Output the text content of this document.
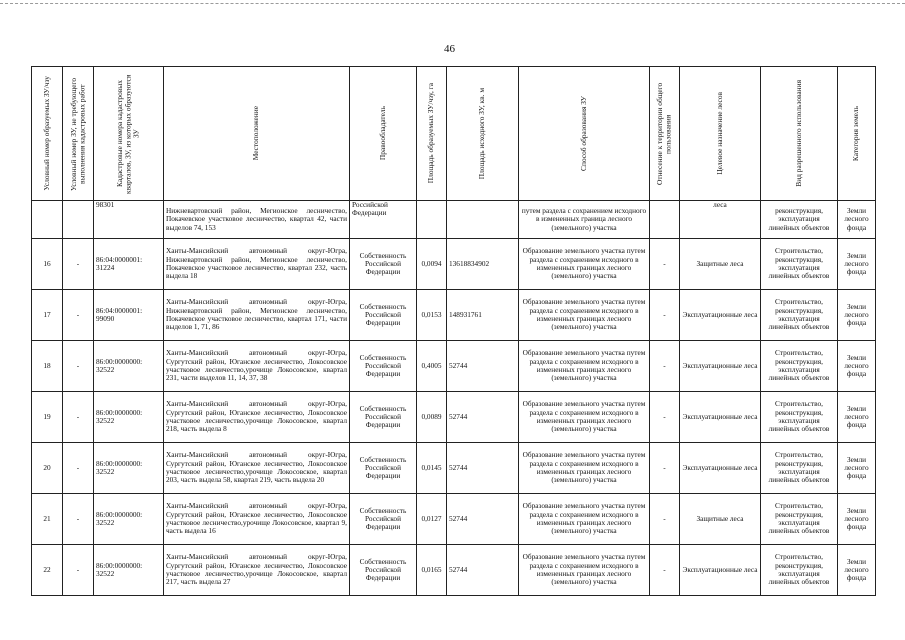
46
Условный номер образуемых ЗУ/чзу	Условный номер ЗУ, не требующего выполнения кадастровых работ	Кадастровые номера кадастровых кварталов, ЗУ, из которых образуются ЗУ	Местоположение	Правообладатель	Площадь образуемых ЗУ/чзу, га	Площадь исходного ЗУ, кв. м	Способ образования ЗУ	Отнесение к территории общего пользования	Целевое назначение лесов	Вид разрешенного использования	Категория земель

		98301	Нижневартовский район, Мегионское лесничество, Покачевское участковое лесничество, квартал 42, части выделов 74, 153	Российской Федерации			путем раздела с сохранением исходного в измененных граница лесного (земельного) участка		леса	реконструкция, эксплуатация линейных объектов	Земли лесного фонда
16	-	86:04:0000001: 31224	Ханты-Мансийский автономный округ-Югра, Нижневартовский район, Мегионское лесничество, Покачевское участковое лесничество, квартал 232, часть выдела 18	Собственность Российской Федерации	0,0094	13618834902	Образование земельного участка путем раздела с сохранением исходного в измененных границах лесного (земельного) участка	-	Защитные леса	Строительство, реконструкция, эксплуатация линейных объектов	Земли лесного фонда
17	-	86:04:0000001: 99090	Ханты-Мансийский автономный округ-Югра, Нижневартовский район, Мегионское лесничество, Покачевское участковое лесничество, квартал 171, части выделов 1, 71, 86	Собственность Российской Федерации	0,0153	148931761	Образование земельного участка путем раздела с сохранением исходного в измененных границах лесного (земельного) участка	-	Эксплуатационные леса	Строительство, реконструкция, эксплуатация линейных объектов	Земли лесного фонда
18	-	86:00:0000000: 32522	Ханты-Мансийский автономный округ-Югра, Сургутский район, Юганское лесничество, Локосовское участковое лесничество,урочище Локосовское, квартал 231, части выделов 11, 14, 37, 38	Собственность Российской Федерации	0,4005	52744	Образование земельного участка путем раздела с сохранением исходного в измененных границах лесного (земельного) участка	-	Эксплуатационные леса	Строительство, реконструкция, эксплуатация линейных объектов	Земли лесного фонда
19	-	86:00:0000000: 32522	Ханты-Мансийский автономный округ-Югра, Сургутский район, Юганское лесничество, Локосовское участковое лесничество,урочище Локосовское, квартал 218, часть выдела 8	Собственность Российской Федерации	0,0089	52744	Образование земельного участка путем раздела с сохранением исходного в измененных границах лесного (земельного) участка	-	Эксплуатационные леса	Строительство, реконструкция, эксплуатация линейных объектов	Земли лесного фонда
20	-	86:00:0000000: 32522	Ханты-Мансийский автономный округ-Югра, Сургутский район, Юганское лесничество, Локосовское участковое лесничество,урочище Локосовское, квартал 203, часть выдела 58, квартал 219, часть выдела 20	Собственность Российской Федерации	0,0145	52744	Образование земельного участка путем раздела с сохранением исходного в измененных границах лесного (земельного) участка	-	Эксплуатационные леса	Строительство, реконструкция, эксплуатация линейных объектов	Земли лесного фонда
21	-	86:00:0000000: 32522	Ханты-Мансийский автономный округ-Югра, Сургутский район, Юганское лесничество, Локосовское участковое лесничество,урочище Локосовское, квартал 9, часть выдела 16	Собственность Российской Федерации	0,0127	52744	Образование земельного участка путем раздела с сохранением исходного в измененных границах лесного (земельного) участка	-	Защитные леса	Строительство, реконструкция, эксплуатация линейных объектов	Земли лесного фонда
22	-	86:00:0000000: 32522	Ханты-Мансийский автономный округ-Югра, Сургутский район, Юганское лесничество, Локосовское участковое лесничество,урочище Локосовское, квартал 217, часть выдела 27	Собственность Российской Федерации	0,0165	52744	Образование земельного участка путем раздела с сохранением исходного в измененных границах лесного (земельного) участка	-	Эксплуатационные леса	Строительство, реконструкция, эксплуатация линейных объектов	Земли лесного фонда
